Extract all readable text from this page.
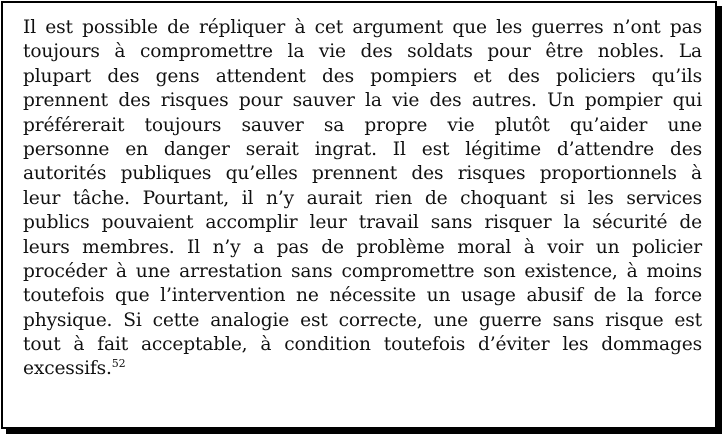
Il est possible de répliquer à cet argument que les guerres n’ont pas
toujours à compromettre la vie des soldats pour être nobles. La
plupart des gens attendent des pompiers et des policiers qu’ils
prennent des risques pour sauver la vie des autres. Un pompier qui
préférerait toujours sauver sa propre vie plutôt qu’aider une
personne en danger serait ingrat. Il est légitime d’attendre des
autorités publiques qu’elles prennent des risques proportionnels à
leur tâche. Pourtant, il n’y aurait rien de choquant si les services
publics pouvaient accomplir leur travail sans risquer la sécurité de
leurs membres. Il n’y a pas de problème moral à voir un policier
procéder à une arrestation sans compromettre son existence, à moins
toutefois que l’intervention ne nécessite un usage abusif de la force
physique. Si cette analogie est correcte, une guerre sans risque est
tout à fait acceptable, à condition toutefois d’éviter les dommages
excessifs.$^{52}$
